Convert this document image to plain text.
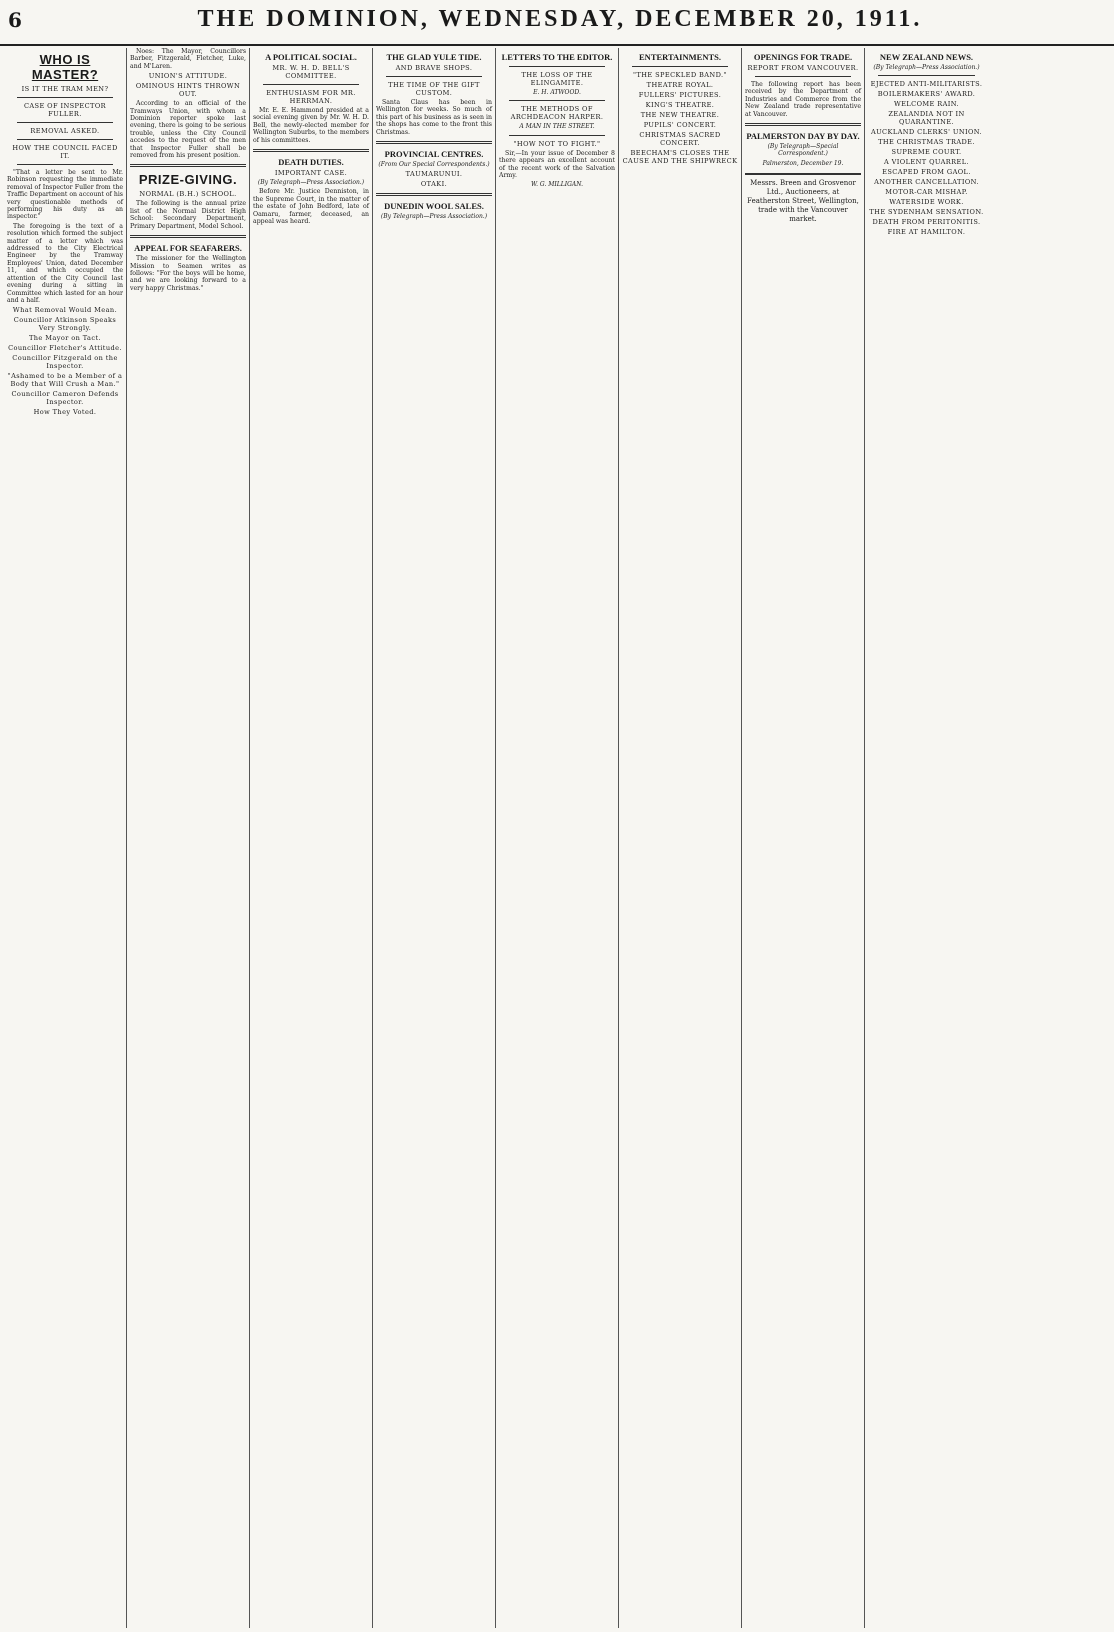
6	THE DOMINION, WEDNESDAY, DECEMBER 20, 1911.
WHO IS MASTER?
IS IT THE TRAM MEN?
CASE OF INSPECTOR FULLER.
REMOVAL ASKED.
HOW THE COUNCIL FACED IT.

"That a letter be sent to Mr. Robinson requesting the immediate removal of Inspector Fuller from the Traffic Department on account of his very questionable methods of performing his duty as an inspector."

The foregoing is the text of a resolution which formed the subject matter of a letter which was addressed to the City Electrical Engineer by the Tramway Employees' Union, dated December 11, and which occupied the attention of the City Council last evening during a sitting in Committee which lasted for an hour and a half.

What Removal Would Mean.

Councillor Atkinson Speaks Very Strongly.
The Mayor on Tact.
Councillor Fletcher's Attitude.
Councillor Fitzgerald on the Inspector.
"Ashamed to be a Member of a Body that Will Crush a Man."
Councillor Cameron Defends Inspector.
How They Voted.

Noes: The Mayor, Councillors Barber, Fitzgerald, Fletcher, Luke, and M'Laren.

UNION'S ATTITUDE.
OMINOUS HINTS THROWN OUT.

According to an official of the Tramways Union, with whom a Dominion reporter spoke last evening, there is going to be serious trouble, unless the City Council accedes to the request of the men that Inspector Fuller shall be removed from his present position.

PRIZE-GIVING.
NORMAL (B.H.) SCHOOL.

The following is the annual prize list of the Normal District High School: Secondary Department, Primary Department, Model School.

APPEAL FOR SEAFARERS.

The missioner for the Wellington Mission to Seamen writes as follows: "For the boys will be home, and we are looking forward to a very happy Christmas."

A POLITICAL SOCIAL.
MR. W. H. D. BELL'S COMMITTEE.
ENTHUSIASM FOR MR. HERRMAN.

Mr. E. E. Hammond presided at a social evening given by Mr. W. H. D. Bell, the newly-elected member for Wellington Suburbs, to the members of his committees.

DEATH DUTIES.
IMPORTANT CASE.
(By Telegraph—Press Association.)

Before Mr. Justice Denniston, in the Supreme Court, in the matter of the estate of John Bedford, late of Oamaru, farmer, deceased, an appeal was heard.

THE GLAD YULE TIDE.
AND BRAVE SHOPS.
THE TIME OF THE GIFT CUSTOM.

Santa Claus has been in Wellington for weeks. So much of this part of his business as is seen in the shops has come to the front this Christmas.

PROVINCIAL CENTRES.
(From Our Special Correspondents.)
TAUMARUNUI.
OTAKI.
DUNEDIN WOOL SALES.
(By Telegraph—Press Association.)
LETTERS TO THE EDITOR.
THE LOSS OF THE ELINGAMITE.
E. H. ATWOOD.
THE METHODS OF ARCHDEACON HARPER.
A MAN IN THE STREET.
"HOW NOT TO FIGHT."

Sir,—In your issue of December 8 there appears an excellent account of the recent work of the Salvation Army.

W. G. MILLIGAN.
ENTERTAINMENTS.
"THE SPECKLED BAND."
THEATRE ROYAL.
FULLERS' PICTURES.
KING'S THEATRE.
THE NEW THEATRE.
PUPILS' CONCERT.
CHRISTMAS SACRED CONCERT.
BEECHAM'S CLOSES THE CAUSE AND THE SHIPWRECK
OPENINGS FOR TRADE.
REPORT FROM VANCOUVER.

The following report has been received by the Department of Industries and Commerce from the New Zealand trade representative at Vancouver.

PALMERSTON DAY BY DAY.
(By Telegraph—Special Correspondent.)
Palmerston, December 19.
Messrs. Breen and Grosvenor Ltd., Auctioneers, at Featherston Street, Wellington, trade with the Vancouver market.
NEW ZEALAND NEWS.
(By Telegraph—Press Association.)
EJECTED ANTI-MILITARISTS.
BOILERMAKERS' AWARD.
WELCOME RAIN.
ZEALANDIA NOT IN QUARANTINE.
AUCKLAND CLERKS' UNION.
THE CHRISTMAS TRADE.
SUPREME COURT.
A VIOLENT QUARREL.
ESCAPED FROM GAOL.
ANOTHER CANCELLATION.
MOTOR-CAR MISHAP.
WATERSIDE WORK.
THE SYDENHAM SENSATION.
DEATH FROM PERITONITIS.
FIRE AT HAMILTON.
